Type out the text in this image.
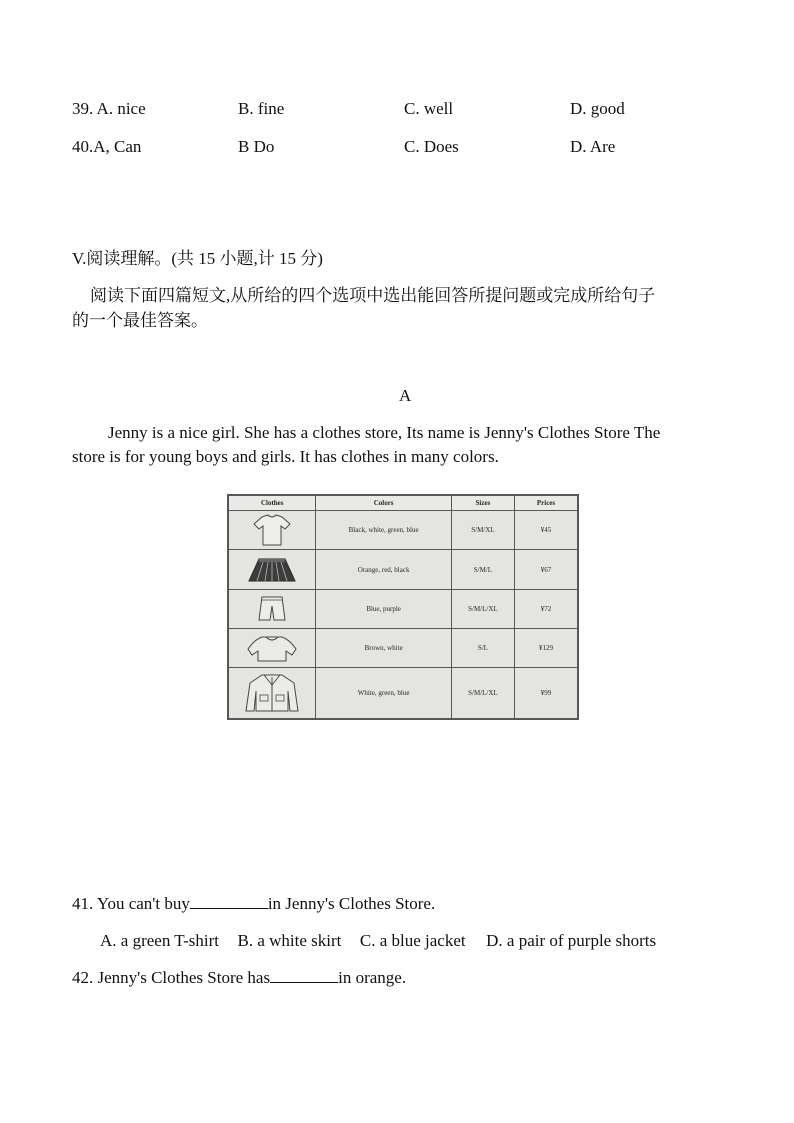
39. A. nice	B. fine	C. well	D. good
40.A, Can	B Do	C. Does	D. Are
V.阅读理解。(共 15 小题,计 15 分)
阅读下面四篇短文,从所给的四个选项中选出能回答所提问题或完成所给句子
的一个最佳答案。
A
Jenny is a nice girl. She has a clothes store, Its name is Jenny's Clothes Store The
store is for young boys and girls. It has clothes in many colors.
Clothes	Colors	Sizes	Prices

	Black, white, green, blue	S/M/XL	¥45

	Orange, red, black	S/M/L	¥67

	Blue, purple	S/M/L/XL	¥72

	Brown, white	S/L	¥129

	White, green, blue	S/M/L/XL	¥99
41. You can't buy	in Jenny's Clothes Store.
A. a green T-shirt B. a white skirt C. a blue jacket D. a pair of purple shorts
42. Jenny's Clothes Store has	in orange.
